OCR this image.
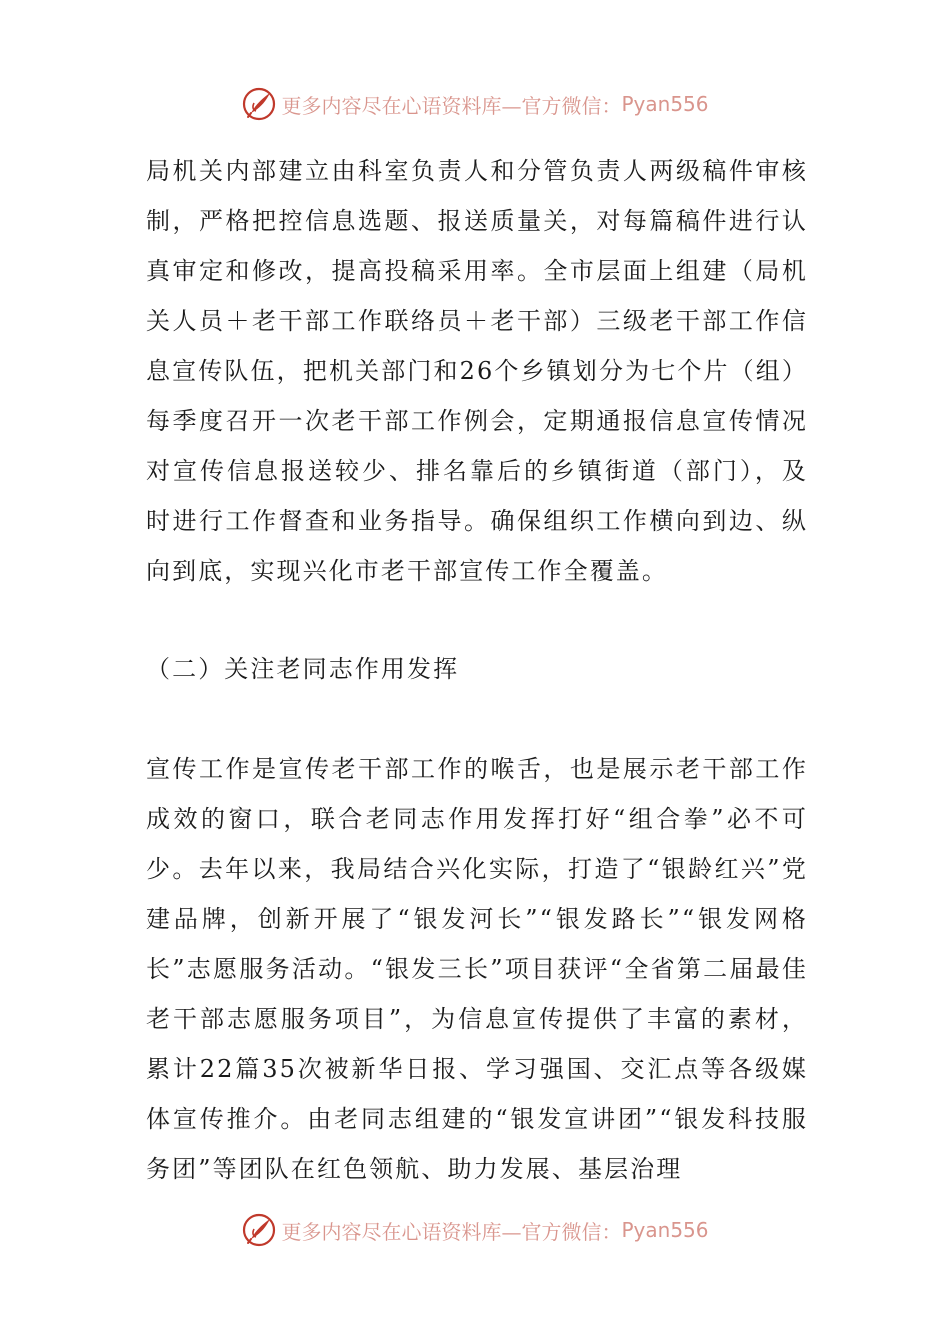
更多内容尽在心语资料库—官方微信： Pyan556

局机关内部建立由科室负责人和分管负责人两级稿件审核制，严格把控信息选题、报送质量关，对每篇稿件进行认真审定和修改，提高投稿采用率。全市层面上组建（局机关人员＋老干部工作联络员＋老干部）三级老干部工作信息宣传队伍，把机关部门和26个乡镇划分为七个片（组）每季度召开一次老干部工作例会，定期通报信息宣传情况对宣传信息报送较少、排名靠后的乡镇街道（部门），及时进行工作督查和业务指导。确保组织工作横向到边、纵向到底，实现兴化市老干部宣传工作全覆盖。

（二）关注老同志作用发挥

宣传工作是宣传老干部工作的喉舌，也是展示老干部工作成效的窗口，联合老同志作用发挥打好“组合拳”必不可少。去年以来，我局结合兴化实际，打造了“银龄红兴”党建品牌，创新开展了“银发河长”“银发路长”“银发网格长”志愿服务活动。“银发三长”项目获评“全省第二届最佳老干部志愿服务项目”，为信息宣传提供了丰富的素材，累计22篇35次被新华日报、学习强国、交汇点等各级媒体宣传推介。由老同志组建的“银发宣讲团”“银发科技服务团”等团队在红色领航、助力发展、基层治理

更多内容尽在心语资料库—官方微信： Pyan556
